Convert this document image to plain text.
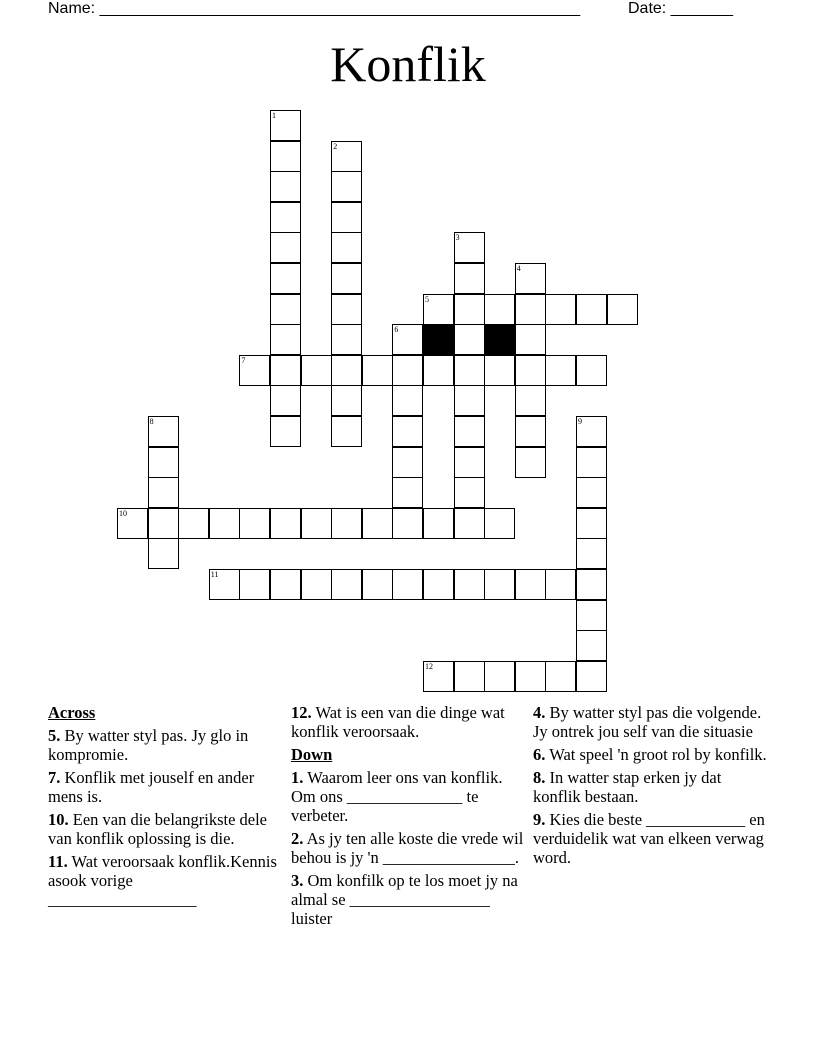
Name: ______________________________________________________	Date: _______
Konflik
1
2
3
4
5
6
7
8	9
10
11
12
Across
5. By watter styl pas. Jy glo in kompromie.
7. Konflik met jouself en ander mens is.
10. Een van die belangrikste dele van konflik oplossing is die.
11. Wat veroorsaak konflik.Kennis asook vorige __________________
12. Wat is een van die dinge wat konflik veroorsaak.
Down
1. Waarom leer ons van konflik. Om ons ______________ te verbeter.
2. As jy ten alle koste die vrede wil behou is jy 'n ________________.
3. Om konfilk op te los moet jy na almal se _________________ luister
4. By watter styl pas die volgende. Jy ontrek jou self van die situasie
6. Wat speel 'n groot rol by konfilk.
8. In watter stap erken jy dat konflik bestaan.
9. Kies die beste ____________ en verduidelik wat van elkeen verwag word.
